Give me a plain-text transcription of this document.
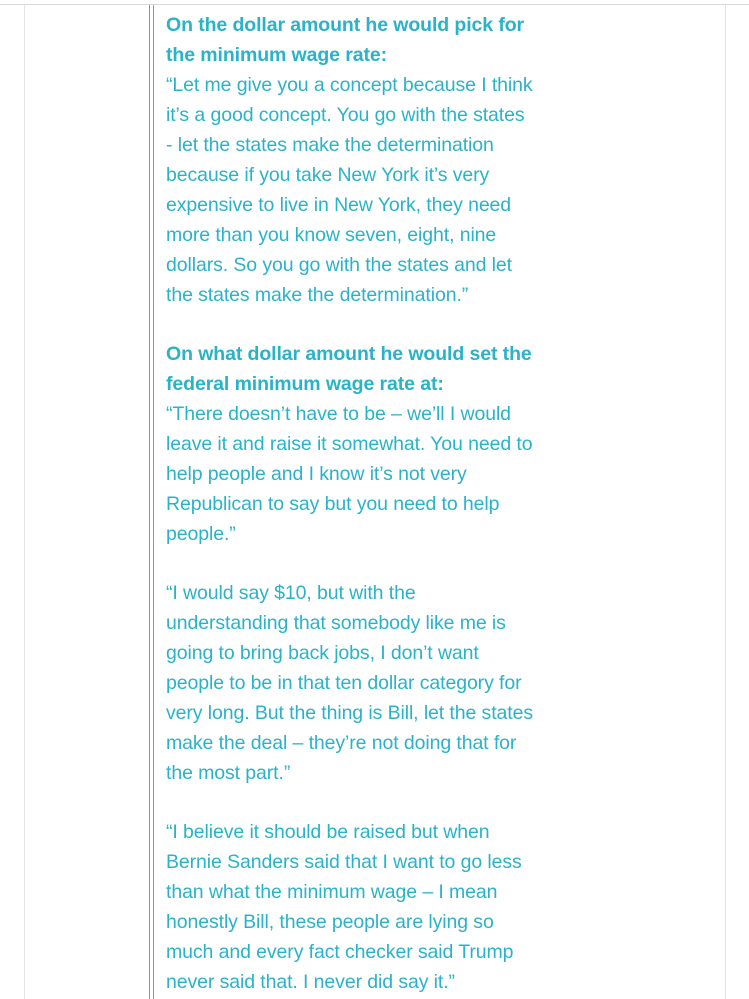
On the dollar amount he would pick for
the minimum wage rate:
“Let me give you a concept because I think
it’s a good concept. You go with the states
- let the states make the determination
because if you take New York it’s very
expensive to live in New York, they need
more than you know seven, eight, nine
dollars. So you go with the states and let
the states make the determination.”
On what dollar amount he would set the
federal minimum wage rate at:
“There doesn’t have to be – we’ll I would
leave it and raise it somewhat. You need to
help people and I know it’s not very
Republican to say but you need to help
people.”
“I would say $10, but with the
understanding that somebody like me is
going to bring back jobs, I don’t want
people to be in that ten dollar category for
very long. But the thing is Bill, let the states
make the deal – they’re not doing that for
the most part.”
“I believe it should be raised but when
Bernie Sanders said that I want to go less
than what the minimum wage – I mean
honestly Bill, these people are lying so
much and every fact checker said Trump
never said that. I never did say it.”
